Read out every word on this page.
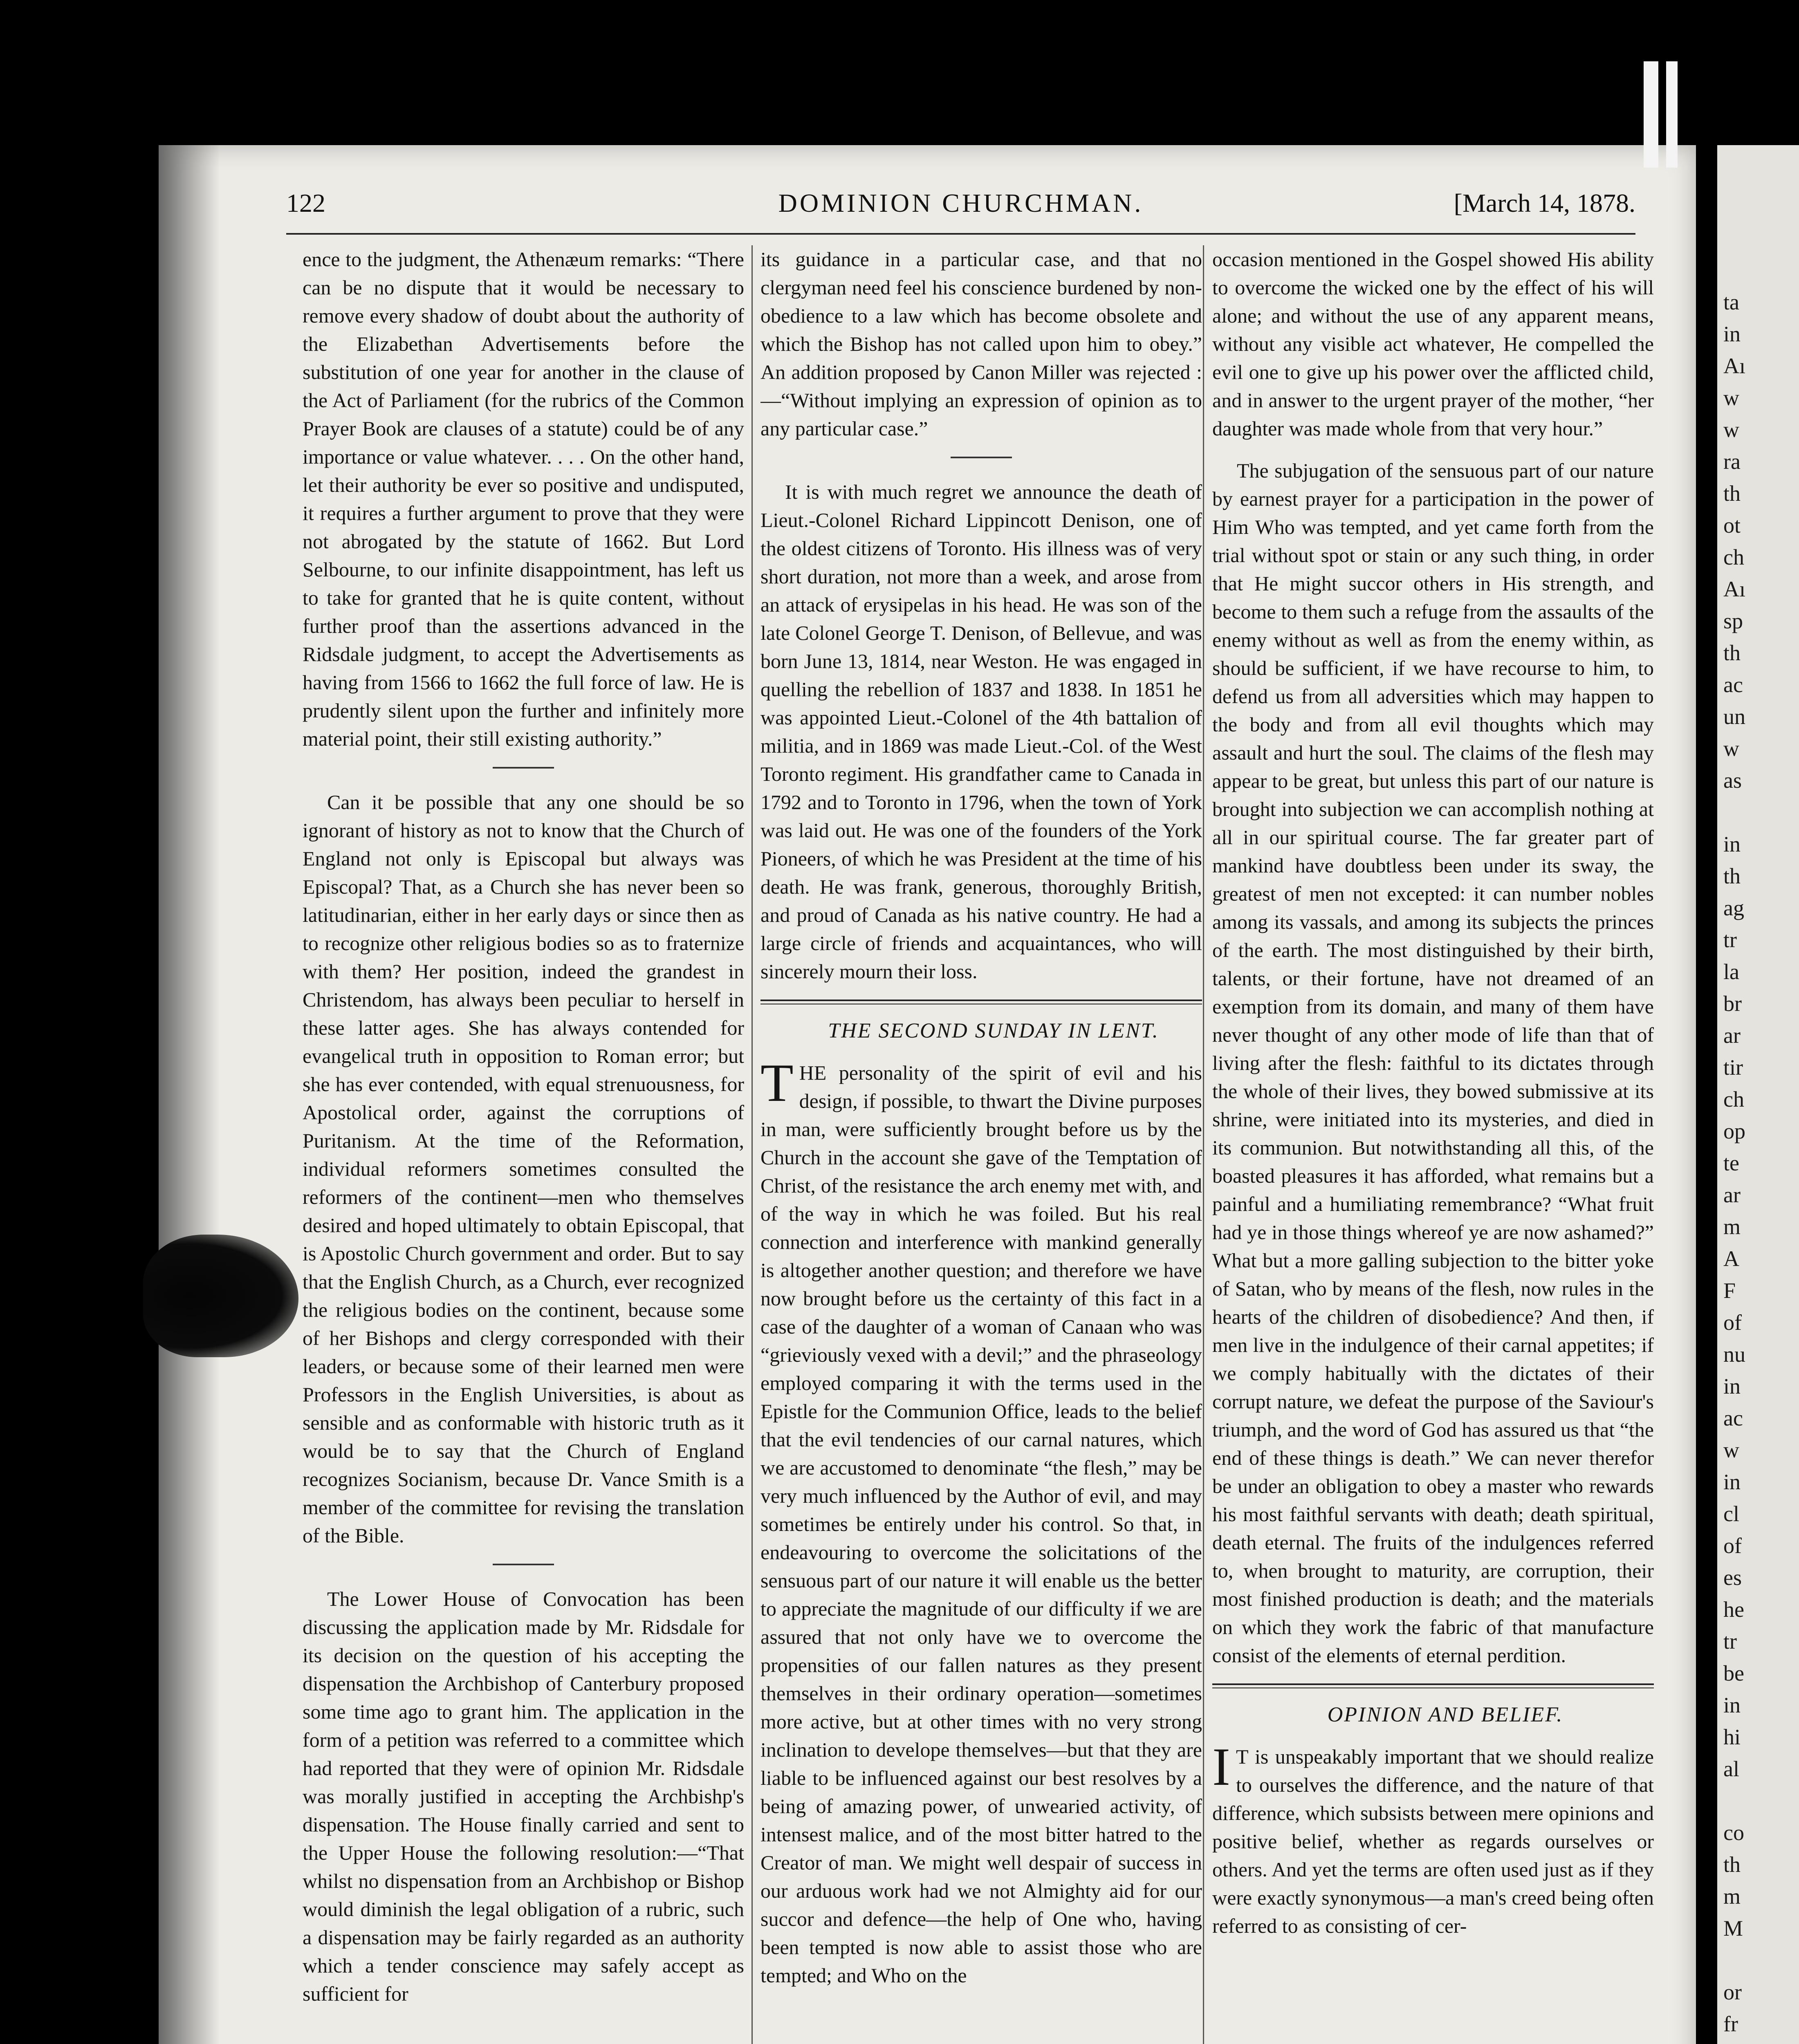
ta
in
Aı
w
w
ra
th
ot
ch
Aı
sp
th
ac
un
w
as

in
th
ag
tr
la
br
ar
tir
ch
op
te
ar
m
A
F
of
nu
in
ac
w
in
cl
of
es
he
tr
be
in
hi
al

co
th
m
M

or
fr

122	DOMINION CHURCHMAN.	[March 14, 1878.

ence to the judgment, the Athenæum remarks: “There can be no dispute that it would be necessary to remove every shadow of doubt about the authority of the Elizabethan Advertisements before the substitution of one year for another in the clause of the Act of Parliament (for the rubrics of the Common Prayer Book are clauses of a statute) could be of any importance or value whatever. . . . On the other hand, let their authority be ever so positive and undisputed, it requires a further argument to prove that they were not abrogated by the statute of 1662. But Lord Selbourne, to our infinite disappointment, has left us to take for granted that he is quite content, without further proof than the assertions advanced in the Ridsdale judgment, to accept the Advertisements as having from 1566 to 1662 the full force of law. He is prudently silent upon the further and infinitely more material point, their still existing authority.”

Can it be possible that any one should be so ignorant of history as not to know that the Church of England not only is Episcopal but always was Episcopal? That, as a Church she has never been so latitudinarian, either in her early days or since then as to recognize other religious bodies so as to fraternize with them? Her position, indeed the grandest in Christendom, has always been peculiar to herself in these latter ages. She has always contended for evangelical truth in opposition to Roman error; but she has ever contended, with equal strenuousness, for Apostolical order, against the corruptions of Puritanism. At the time of the Reformation, individual reformers sometimes consulted the reformers of the continent—men who themselves desired and hoped ultimately to obtain Episcopal, that is Apostolic Church government and order. But to say that the English Church, as a Church, ever recognized the religious bodies on the continent, because some of her Bishops and clergy corresponded with their leaders, or because some of their learned men were Professors in the English Universities, is about as sensible and as conformable with historic truth as it would be to say that the Church of England recognizes Socianism, because Dr. Vance Smith is a member of the committee for revising the translation of the Bible.

The Lower House of Convocation has been discussing the application made by Mr. Ridsdale for its decision on the question of his accepting the dispensation the Archbishop of Canterbury proposed some time ago to grant him. The application in the form of a petition was referred to a committee which had reported that they were of opinion Mr. Ridsdale was morally justified in accepting the Archbishp's dispensation. The House finally carried and sent to the Upper House the following resolution:—“That whilst no dispensation from an Archbishop or Bishop would diminish the legal obligation of a rubric, such a dispensation may be fairly regarded as an authority which a tender conscience may safely accept as sufficient for

its guidance in a particular case, and that no clergyman need feel his conscience burdened by non-obedience to a law which has become obsolete and which the Bishop has not called upon him to obey.” An addition proposed by Canon Miller was rejected :—“Without implying an expression of opinion as to any particular case.”

It is with much regret we announce the death of Lieut.-Colonel Richard Lippincott Denison, one of the oldest citizens of Toronto. His illness was of very short duration, not more than a week, and arose from an attack of erysipelas in his head. He was son of the late Colonel George T. Denison, of Bellevue, and was born June 13, 1814, near Weston. He was engaged in quelling the rebellion of 1837 and 1838. In 1851 he was appointed Lieut.-Colonel of the 4th battalion of militia, and in 1869 was made Lieut.-Col. of the West Toronto regiment. His grandfather came to Canada in 1792 and to Toronto in 1796, when the town of York was laid out. He was one of the founders of the York Pioneers, of which he was President at the time of his death. He was frank, generous, thoroughly British, and proud of Canada as his native country. He had a large circle of friends and acquaintances, who will sincerely mourn their loss.

THE SECOND SUNDAY IN LENT.

THE personality of the spirit of evil and his design, if possible, to thwart the Divine purposes in man, were sufficiently brought before us by the Church in the account she gave of the Temptation of Christ, of the resistance the arch enemy met with, and of the way in which he was foiled. But his real connection and interference with mankind generally is altogether another question; and therefore we have now brought before us the certainty of this fact in a case of the daughter of a woman of Canaan who was “grieviously vexed with a devil;” and the phraseology employed comparing it with the terms used in the Epistle for the Communion Office, leads to the belief that the evil tendencies of our carnal natures, which we are accustomed to denominate “the flesh,” may be very much influenced by the Author of evil, and may sometimes be entirely under his control. So that, in endeavouring to overcome the solicitations of the sensuous part of our nature it will enable us the better to appreciate the magnitude of our difficulty if we are assured that not only have we to overcome the propensities of our fallen natures as they present themselves in their ordinary operation—sometimes more active, but at other times with no very strong inclination to develope themselves—but that they are liable to be influenced against our best resolves by a being of amazing power, of unwearied activity, of intensest malice, and of the most bitter hatred to the Creator of man. We might well despair of success in our arduous work had we not Almighty aid for our succor and defence—the help of One who, having been tempted is now able to assist those who are tempted; and Who on the

occasion mentioned in the Gospel showed His ability to overcome the wicked one by the effect of his will alone; and without the use of any apparent means, without any visible act whatever, He compelled the evil one to give up his power over the afflicted child, and in answer to the urgent prayer of the mother, “her daughter was made whole from that very hour.”

The subjugation of the sensuous part of our nature by earnest prayer for a participation in the power of Him Who was tempted, and yet came forth from the trial without spot or stain or any such thing, in order that He might succor others in His strength, and become to them such a refuge from the assaults of the enemy without as well as from the enemy within, as should be sufficient, if we have recourse to him, to defend us from all adversities which may happen to the body and from all evil thoughts which may assault and hurt the soul. The claims of the flesh may appear to be great, but unless this part of our nature is brought into subjection we can accomplish nothing at all in our spiritual course. The far greater part of mankind have doubtless been under its sway, the greatest of men not excepted: it can number nobles among its vassals, and among its subjects the princes of the earth. The most distinguished by their birth, talents, or their fortune, have not dreamed of an exemption from its domain, and many of them have never thought of any other mode of life than that of living after the flesh: faithful to its dictates through the whole of their lives, they bowed submissive at its shrine, were initiated into its mysteries, and died in its communion. But notwithstanding all this, of the boasted pleasures it has afforded, what remains but a painful and a humiliating remembrance? “What fruit had ye in those things whereof ye are now ashamed?” What but a more galling subjection to the bitter yoke of Satan, who by means of the flesh, now rules in the hearts of the children of disobedience? And then, if men live in the indulgence of their carnal appetites; if we comply habitually with the dictates of their corrupt nature, we defeat the purpose of the Saviour's triumph, and the word of God has assured us that “the end of these things is death.” We can never therefor be under an obligation to obey a master who rewards his most faithful servants with death; death spiritual, death eternal. The fruits of the indulgences referred to, when brought to maturity, are corruption, their most finished production is death; and the materials on which they work the fabric of that manufacture consist of the elements of eternal perdition.

OPINION AND BELIEF.

I T is unspeakably important that we should realize to ourselves the difference, and the nature of that difference, which subsists between mere opinions and positive belief, whether as regards ourselves or others. And yet the terms are often used just as if they were exactly synonymous—a man's creed being often referred to as consisting of cer-
